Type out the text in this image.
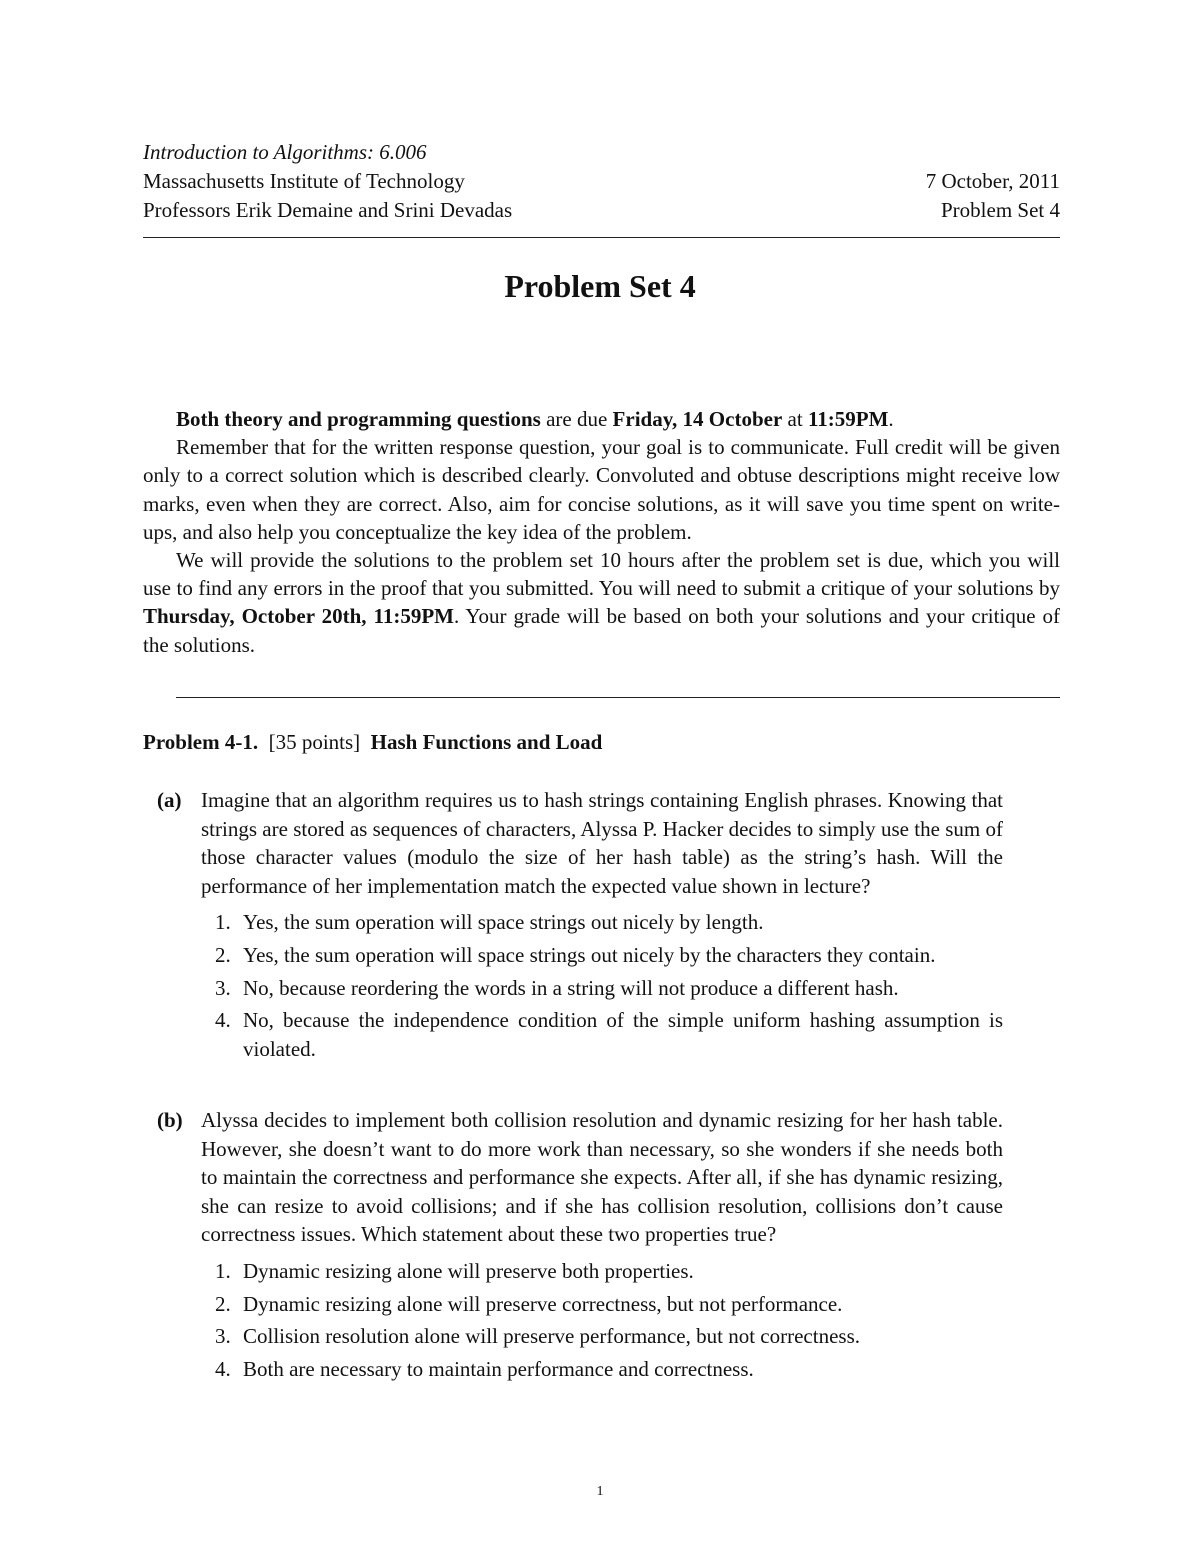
Introduction to Algorithms: 6.006
Massachusetts Institute of Technology	7 October, 2011
Professors Erik Demaine and Srini Devadas	Problem Set 4
Problem Set 4

Both theory and programming questions are due Friday, 14 October at 11:59PM.

Remember that for the written response question, your goal is to communicate. Full credit will be given only to a correct solution which is described clearly. Convoluted and obtuse descriptions might receive low marks, even when they are correct. Also, aim for concise solutions, as it will save you time spent on write-ups, and also help you conceptualize the key idea of the problem.

We will provide the solutions to the problem set 10 hours after the problem set is due, which you will use to find any errors in the proof that you submitted. You will need to submit a critique of your solutions by Thursday, October 20th, 11:59PM. Your grade will be based on both your solutions and your critique of the solutions.

Problem 4-1. [35 points] Hash Functions and Load
(a) Imagine that an algorithm requires us to hash strings containing English phrases. Knowing that strings are stored as sequences of characters, Alyssa P. Hacker decides to simply use the sum of those character values (modulo the size of her hash table) as the string’s hash. Will the performance of her implementation match the expected value shown in lecture?
1. Yes, the sum operation will space strings out nicely by length.
2. Yes, the sum operation will space strings out nicely by the characters they contain.
3. No, because reordering the words in a string will not produce a different hash.
4. No, because the independence condition of the simple uniform hashing assumption is violated.
(b) Alyssa decides to implement both collision resolution and dynamic resizing for her hash table. However, she doesn’t want to do more work than necessary, so she wonders if she needs both to maintain the correctness and performance she expects. After all, if she has dynamic resizing, she can resize to avoid collisions; and if she has collision resolution, collisions don’t cause correctness issues. Which statement about these two properties true?
1. Dynamic resizing alone will preserve both properties.
2. Dynamic resizing alone will preserve correctness, but not performance.
3. Collision resolution alone will preserve performance, but not correctness.
4. Both are necessary to maintain performance and correctness.
1
